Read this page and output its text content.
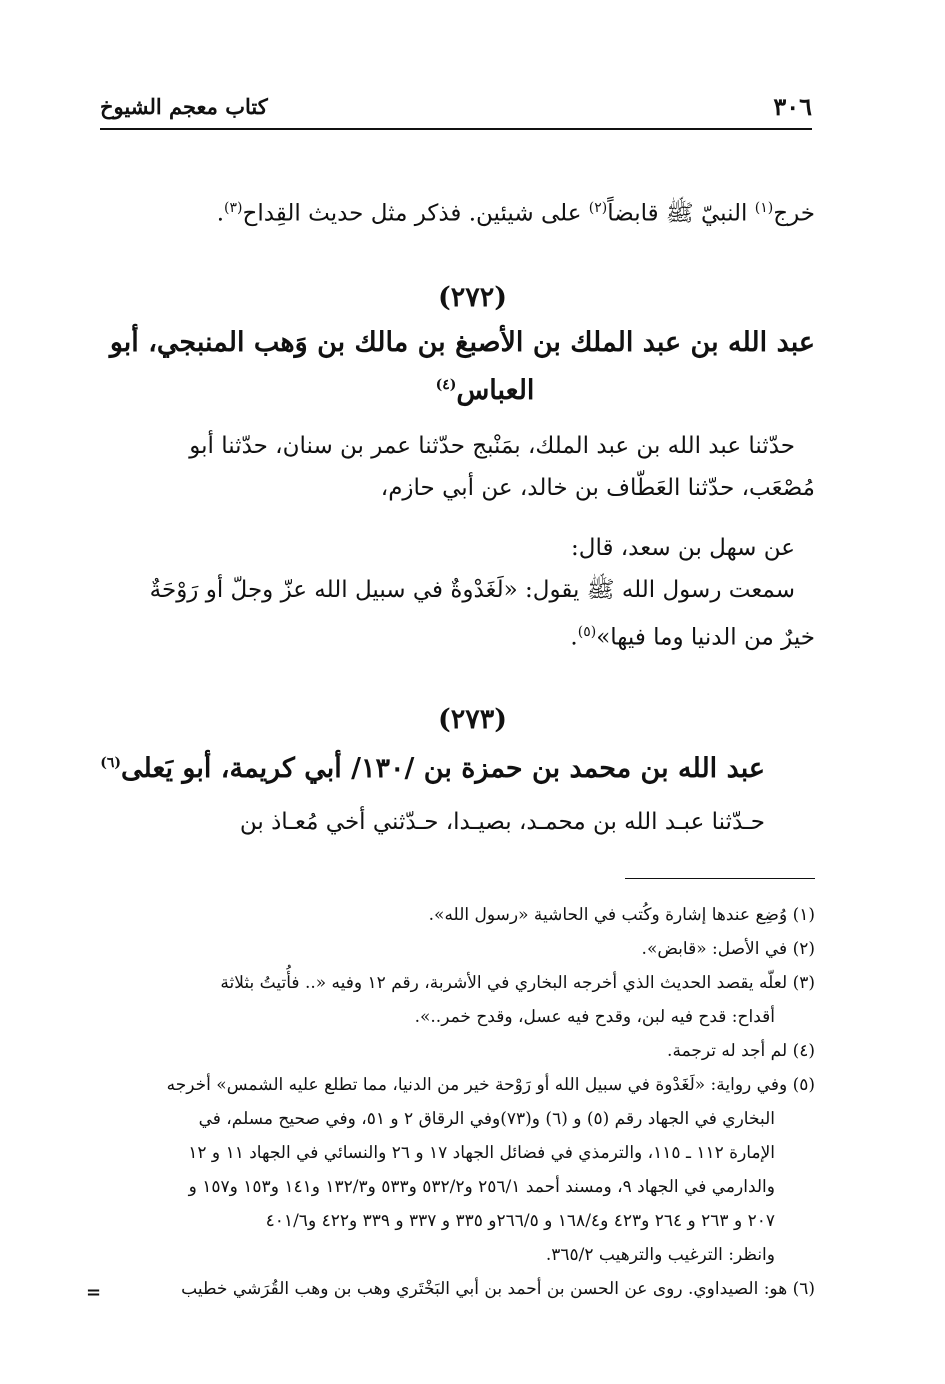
٣٠٦
كتاب معجم الشيوخ
خرج$^{(١)}$ النبيّ ﷺ قابضاً$^{(٢)}$ على شيئين. فذكر مثل حديث القِداح$^{(٣)}$.
(٢٧٢)
عبد الله بن عبد الملك بن الأصبغ بن مالك بن وَهب المنبجي، أبو
العباس$^{(٤)}$
حدّثنا عبد الله بن عبد الملك، بمَنْبج حدّثنا عمر بن سنان، حدّثنا أبو
مُصْعَب، حدّثنا العَطّاف بن خالد، عن أبي حازم،
عن سهل بن سعد، قال:
سمعت رسول الله ﷺ يقول: «لَغَدْوةٌ في سبيل الله عزّ وجلّ أو رَوْحَةٌ
خيرٌ من الدنيا وما فيها»$^{(٥)}$.
(٢٧٣)
عبد الله بن محمد بن حمزة بن /١٣٠/ أبي كريمة، أبو يَعلى$^{(٦)}$
حـدّثنا عبـد الله بن محمـد، بصيـدا، حـدّثني أخي مُعـاذ بن
(١) وُضِع عندها إشارة وكُتب في الحاشية «رسول الله».
(٢) في الأصل: «قابض».
(٣) لعلّه يقصد الحديث الذي أخرجه البخاري في الأشربة، رقم ١٢ وفيه «.. فأُتيتُ بثلاثة
أقداح: قدح فيه لبن، وقدح فيه عسل، وقدح خمر..».
(٤) لم أجد له ترجمة.
(٥) وفي رواية: «لَغَدْوة في سبيل الله أو رَوْحة خير من الدنيا، مما تطلع عليه الشمس» أخرجه
البخاري في الجهاد رقم (٥) و (٦) و(٧٣)وفي الرقاق ٢ و ٥١، وفي صحيح مسلم، في
الإمارة ١١٢ ـ ١١٥، والترمذي في فضائل الجهاد ١٧ و ٢٦ والنسائي في الجهاد ١١ و ١٢
والدارمي في الجهاد ٩، ومسند أحمد ٢٥٦/١ و٥٣٢/٢ و٥٣٣ و١٣٢/٣ و١٤١ و١٥٣ و١٥٧ و
٢٠٧ و ٢٦٣ و ٢٦٤ و٤٢٣ و١٦٨/٤ و ٢٦٦/٥و ٣٣٥ و ٣٣٧ و ٣٣٩ و٤٢٢ و٤٠١/٦
وانظر: الترغيب والترهيب ٣٦٥/٢.
(٦) هو: الصيداوي. روى عن الحسن بن أحمد بن أبي البَخْتَري وهب بن وهب القُرَشي خطيب
=
